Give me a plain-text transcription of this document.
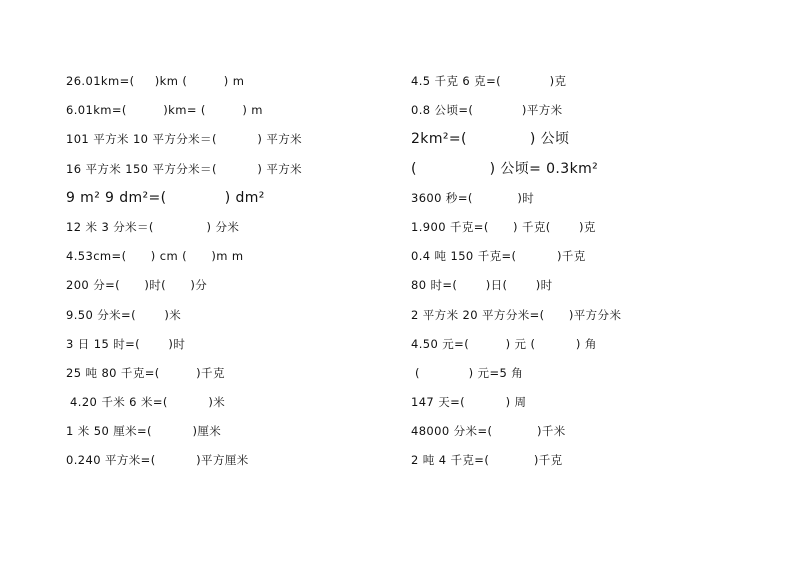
26.01km=(     )km (         ) m
6.01km=(         )km= (         ) m
101 平方米 10 平方分米＝(          ) 平方米
16 平方米 150 平方分米＝(          ) 平方米
9 m² 9 dm²=(            ) dm²
12 米 3 分米＝(             ) 分米
4.53cm=(      ) cm (      )m m
200 分=(      )时(      )分
9.50 分米=(       )米
3 日 15 时=(       )时
25 吨 80 千克=(         )千克
4.20 千米 6 米=(          )米
1 米 50 厘米=(          )厘米
0.240 平方米=(          )平方厘米
4.5 千克 6 克=(            )克
0.8 公顷=(            )平方米
2km²=(             ) 公顷
(               ) 公顷= 0.3km²
3600 秒=(           )时
1.900 千克=(      ) 千克(       )克
0.4 吨 150 千克=(          )千克
80 时=(       )日(       )时
2 平方米 20 平方分米=(      )平方分米
4.50 元=(         ) 元 (          ) 角
(            ) 元=5 角
147 天=(          ) 周
48000 分米=(           )千米
2 吨 4 千克=(           )千克
